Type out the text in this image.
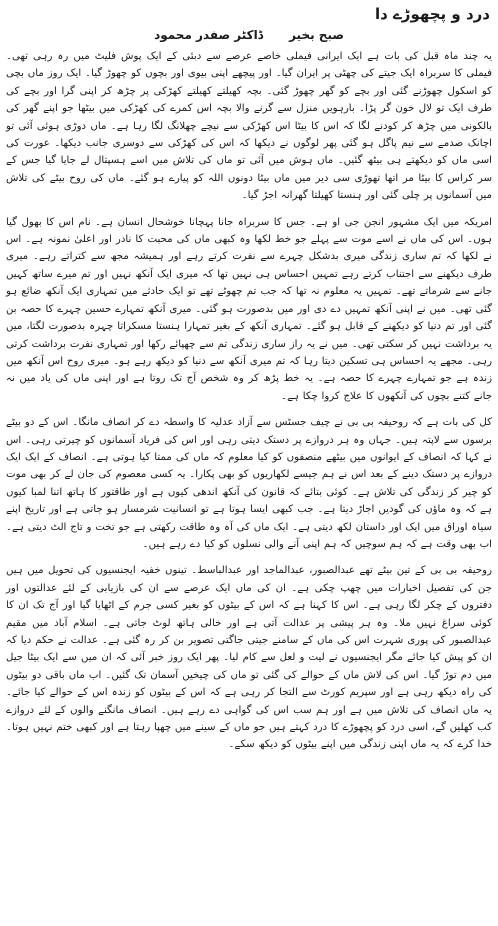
درد و پچھوڑے دا
صبح بخیر
ڈاکٹر صفدر محمود

یہ چند ماہ قبل کی بات ہے ایک ایرانی فیملی خاصے عرصے سے دبئی کے ایک پوش فلیٹ میں رہ رہی تھی۔ فیملی کا سربراہ ایک جیتے کی چھٹی پر ایران گیا۔ اور پیچھے اپنی بیوی اور بچوں کو چھوڑ گیا۔ ایک روز ماں بچی کو اسکول چھوڑنے گئی اور بچے کو گھر چھوڑ گئی۔ بچہ کھیلتے کھیلتے کھڑکی پر چڑھ کر اپنی گرا اور بچے کی طرف ایک تو لال خون گر پڑا۔ بارہویں منزل سے گرنے والا بچہ اس کمرے کی کھڑکی میں بیٹھا جو اپنے گھر کی بالکونی میں چڑھ کر کودنے لگا کہ اس کا بیٹا اس کھڑکی سے نیچے چھلانگ لگا رہا ہے۔ ماں دوڑی ہوئی آئی تو اچانک صدمے سے نیم پاگل ہو گئی پھر لوگوں نے دیکھا کہ اس کی کھڑکی سے دوسری جانب دیکھا۔ عورت کی اسی ماں کو دیکھتے ہی بیٹھ گئیں۔ ماں ہوش میں آئی تو ماں کی تلاش میں اسے ہسپتال لے جایا گیا جس کے سر کراس کا بیٹا مر اتھا تھوڑی سی دیر میں ماں بیٹا دونوں اللہ کو پیارے ہو گئے۔ ماں کی روح بیٹے کی تلاش میں آسمانوں پر چلی گئی اور ہنستا کھیلتا گھرانہ اجڑ گیا۔

امریکہ میں ایک مشہور انجن جی او ہے۔ جس کا سربراہ جانا پہچانا خوشحال انسان ہے۔ نام اس کا بھول گیا ہوں۔ اس کی ماں نے اسے موت سے پہلے جو خط لکھا وہ کبھی ماں کی محبت کا نادر اور اعلیٰ نمونہ ہے۔ اس نے لکھا کہ تم ساری زندگی میری بدشکل چہرے سے نفرت کرتے رہے اور ہمیشہ مجھ سے کتراتے رہے۔ میری طرف دیکھنے سے اجتناب کرتے رہے تمہیں احساس ہی نہیں تھا کہ میری ایک آنکھ نہیں اور تم میرے ساتھ کہیں جانے سے شرماتے تھے۔ تمہیں یہ معلوم نہ تھا کہ جب تم چھوٹے تھے تو ایک حادثے میں تمہاری ایک آنکھ ضائع ہو گئی تھی۔ میں نے اپنی آنکھ تمہیں دے دی اور میں بدصورت ہو گئی۔ میری آنکھ تمہارے حسین چہرے کا حصہ بن گئی اور تم دنیا کو دیکھنے کے قابل ہو گئے۔ تمہاری آنکھ کے بغیر تمہارا ہنستا مسکراتا چہرہ بدصورت لگتا، میں یہ برداشت نہیں کر سکتی تھی۔ میں نے یہ راز ساری زندگی تم سے چھپائے رکھا اور تمہاری نفرت برداشت کرتی رہی۔ مجھے یہ احساس ہی تسکین دیتا رہا کہ تم میری آنکھ سے دنیا کو دیکھ رہے ہو۔ میری روح اس آنکھ میں زندہ ہے جو تمہارے چہرے کا حصہ ہے۔ یہ خط پڑھ کر وہ شخص آج تک روتا ہے اور اپنی ماں کی یاد میں نہ جانے کتنے بچوں کی آنکھوں کا علاج کروا چکا ہے۔

کل کی بات ہے کہ روحیفہ بی بی نے چیف جسٹس سے آزاد عدلیہ کا واسطہ دے کر انصاف مانگا۔ اس کے دو بیٹے برسوں سے لاپتہ ہیں۔ جہاں وہ ہر دروازے پر دستک دیتی رہی اور اس کی فریاد آسمانوں کو چیرتی رہی۔ اس نے کہا کہ انصاف کے ایوانوں میں بیٹھے منصفوں کو کیا معلوم کہ ماں کی ممتا کیا ہوتی ہے۔ انصاف کے ایک ایک دروازے پر دستک دینے کے بعد اس نے ہم جیسے لکھاریوں کو بھی پکارا۔ یہ کسی معصوم کی جان لے کر بھی موت کو چیر کر زندگی کی تلاش ہے۔ کوئی بتائے کہ قانون کی آنکھ اندھی کیوں ہے اور طاقتور کا ہاتھ اتنا لمبا کیوں ہے کہ وہ ماؤں کی گودیں اجاڑ دیتا ہے۔ جب کبھی ایسا ہوتا ہے تو انسانیت شرمسار ہو جاتی ہے اور تاریخ اپنے سیاہ اوراق میں ایک اور داستان لکھ دیتی ہے۔ ایک ماں کی آہ وہ طاقت رکھتی ہے جو تخت و تاج الٹ دیتی ہے۔ اب بھی وقت ہے کہ ہم سوچیں کہ ہم اپنی آنے والی نسلوں کو کیا دے رہے ہیں۔

روحیفہ بی بی کے تین بیٹے تھے عبدالصبور، عبدالماجد اور عبدالباسط۔ تینوں خفیہ ایجنسیوں کی تحویل میں ہیں جن کی تفصیل اخبارات میں چھپ چکی ہے۔ ان کی ماں ایک عرصے سے ان کی بازیابی کے لئے عدالتوں اور دفتروں کے چکر لگا رہی ہے۔ اس کا کہنا ہے کہ اس کے بیٹوں کو بغیر کسی جرم کے اٹھایا گیا اور آج تک ان کا کوئی سراغ نہیں ملا۔ وہ ہر پیشی پر عدالت آتی ہے اور خالی ہاتھ لوٹ جاتی ہے۔ اسلام آباد میں مقیم عبدالصبور کی پوری شہرت اس کی ماں کے سامنے جیتی جاگتی تصویر بن کر رہ گئی ہے۔ عدالت نے حکم دیا کہ ان کو پیش کیا جائے مگر ایجنسیوں نے لیت و لعل سے کام لیا۔ پھر ایک روز خبر آئی کہ ان میں سے ایک بیٹا جیل میں دم توڑ گیا۔ اس کی لاش ماں کے حوالے کی گئی تو ماں کی چیخیں آسمان تک گئیں۔ اب ماں باقی دو بیٹوں کی راہ دیکھ رہی ہے اور سپریم کورٹ سے التجا کر رہی ہے کہ اس کے بیٹوں کو زندہ اس کے حوالے کیا جائے۔ یہ ماں انصاف کی تلاش میں ہے اور ہم سب اس کی گواہی دے رہے ہیں۔ انصاف مانگنے والوں کے لئے دروازے کب کھلیں گے، اسی درد کو پچھوڑے کا درد کہتے ہیں جو ماں کے سینے میں چھپا رہتا ہے اور کبھی ختم نہیں ہوتا۔ خدا کرے کہ یہ ماں اپنی زندگی میں اپنے بیٹوں کو دیکھ سکے۔
